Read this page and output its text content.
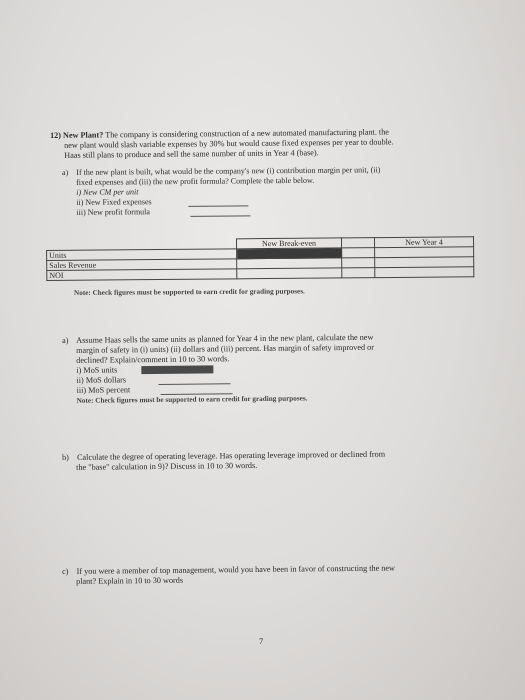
12) New Plant? The company is considering construction of a new automated manufacturing plant. the
new plant would slash variable expenses by 30% but would cause fixed expenses per year to double.
Haas still plans to produce and sell the same number of units in Year 4 (base).
a) If the new plant is built, what would be the company's new (i) contribution margin per unit, (ii)
fixed expenses and (iii) the new profit formula? Complete the table below.
i) New CM per unit
ii) New Fixed expenses
iii) New profit formula
	New Break-even		New Year 4
Units			
Sales Revenue			
NOI			
Note: Check figures must be supported to earn credit for grading purposes.
a) Assume Haas sells the same units as planned for Year 4 in the new plant, calculate the new
margin of safety in (i) units) (ii) dollars and (iii) percent. Has margin of safety improved or
declined? Explain/comment in 10 to 30 words.
i) MoS units
ii) MoS dollars
iii) MoS percent
Note: Check figures must be supported to earn credit for grading purposes.
b) Calculate the degree of operating leverage. Has operating leverage improved or declined from
the "base" calculation in 9)? Discuss in 10 to 30 words.
c) If you were a member of top management, would you have been in favor of constructing the new
plant? Explain in 10 to 30 words
7
